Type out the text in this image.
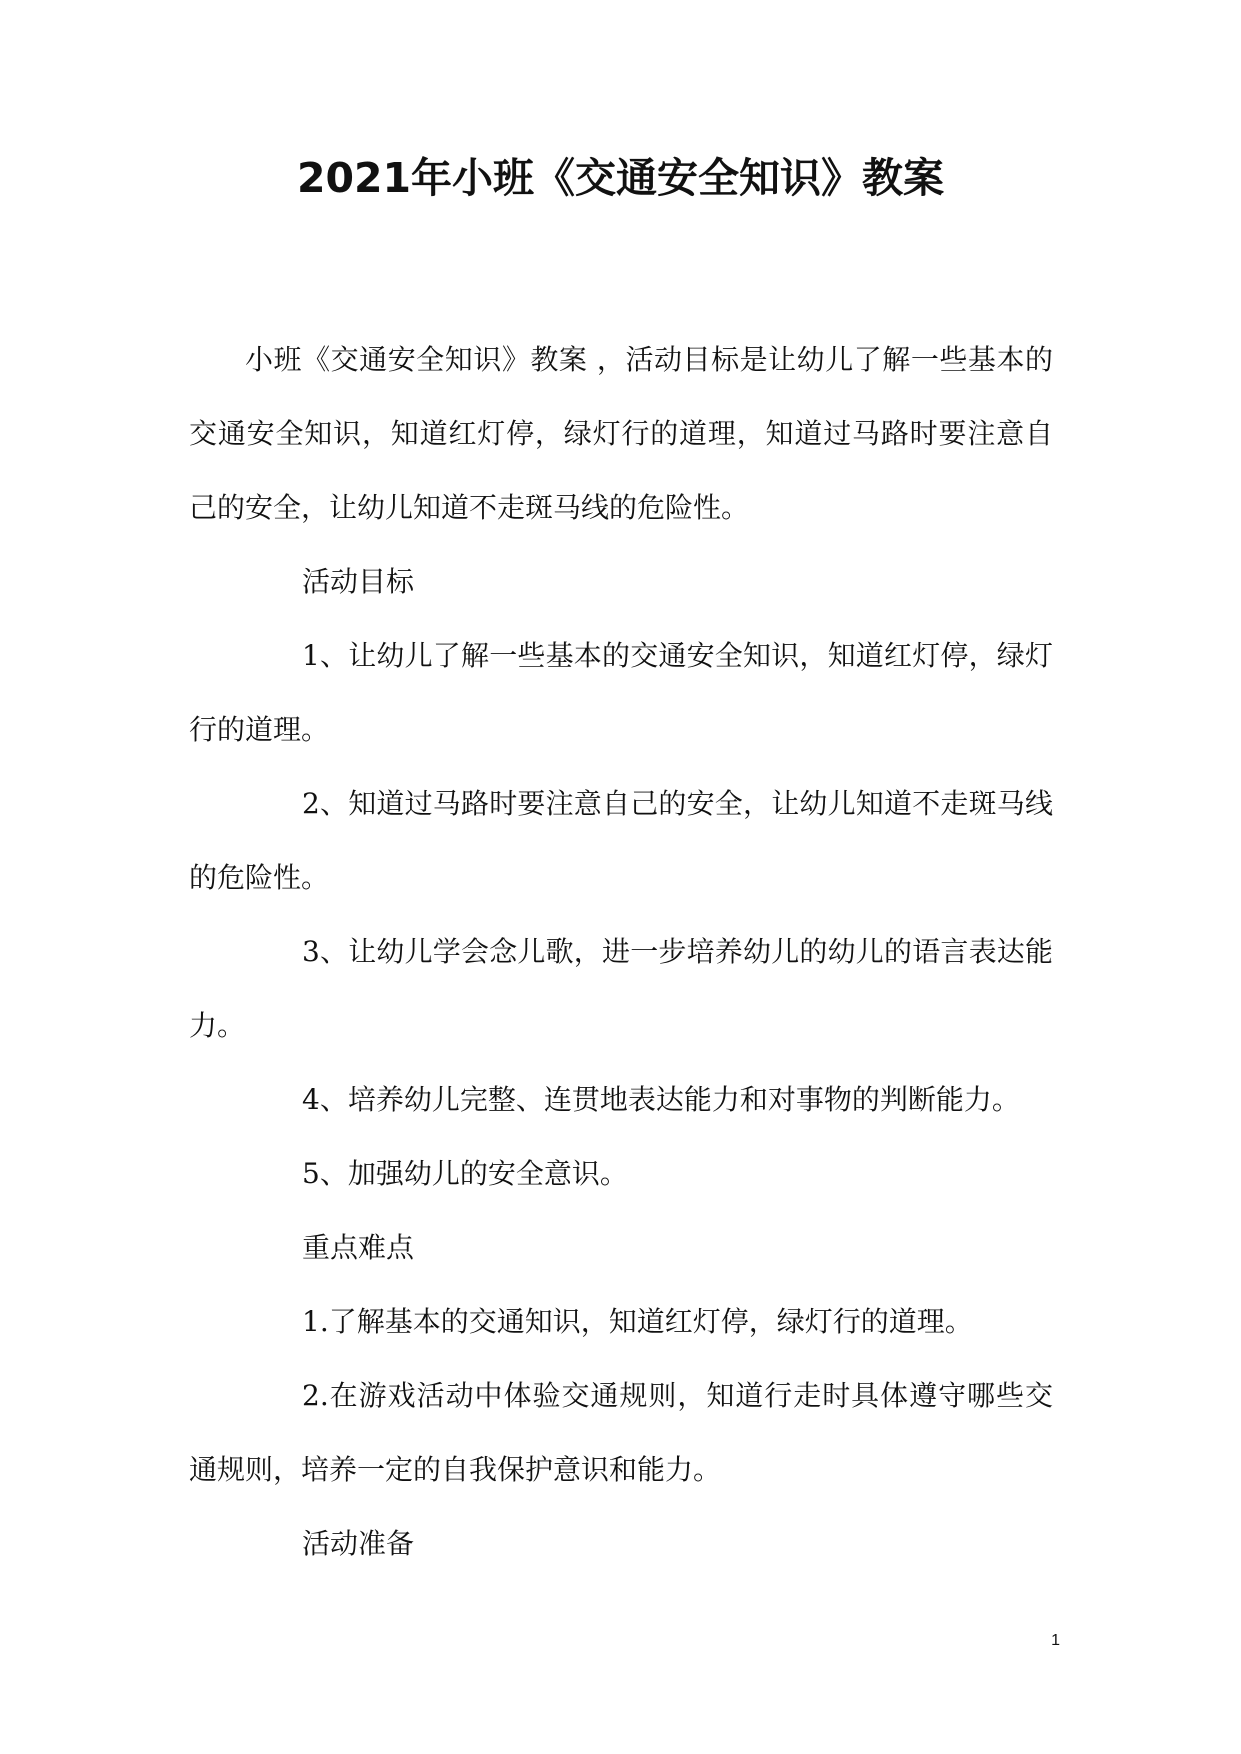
2021年小班《交通安全知识》教案

小班《交通安全知识》教案 ，活动目标是让幼儿了解一些基本的交通安全知识，知道红灯停，绿灯行的道理，知道过马路时要注意自己的安全，让幼儿知道不走斑马线的危险性。

活动目标

1、让幼儿了解一些基本的交通安全知识，知道红灯停，绿灯行的道理。

2、知道过马路时要注意自己的安全，让幼儿知道不走斑马线的危险性。

3、让幼儿学会念儿歌，进一步培养幼儿的幼儿的语言表达能力。

4、培养幼儿完整、连贯地表达能力和对事物的判断能力。

5、加强幼儿的安全意识。

重点难点

1.了解基本的交通知识，知道红灯停，绿灯行的道理。

2.在游戏活动中体验交通规则，知道行走时具体遵守哪些交通规则，培养一定的自我保护意识和能力。

活动准备

1
